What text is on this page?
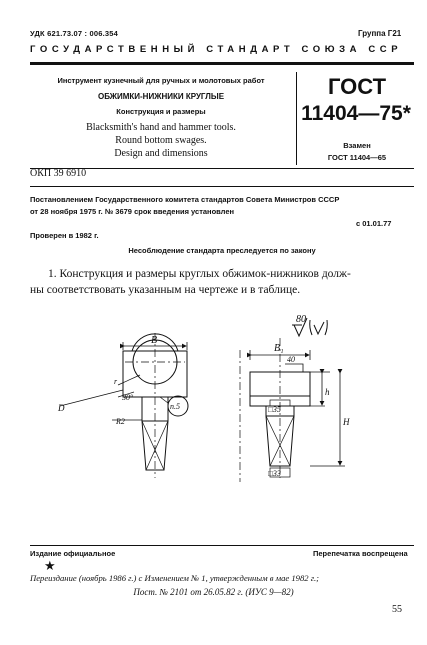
УДК 621.73.07 : 006.354	Группа Г21
ГОСУДАРСТВЕННЫЙ СТАНДАРТ СОЮЗА ССР
Инструмент кузнечный для ручных и молотовых работ
ОБЖИМКИ-НИЖНИКИ КРУГЛЫЕ
Конструкция и размеры
Blacksmith's hand and hammer tools.
Round bottom swages.
Design and dimensions
ГОСТ
11404—75*
Взамен
ГОСТ 11404—65
ОКП 39 6910
Постановлением Государственного комитета стандартов Совета Министров СССР
от 28 ноября 1975 г. № 3679 срок введения установлен
с 01.01.77
Проверен в 1982 г.
Несоблюдение стандарта преследуется по закону
1. Конструкция и размеры круглых обжимок-нижников долж-
ны соответствовать указанным на чертеже и в таблице.
80
B
r
30°
D
R2
п.5
B₁
40
□35
□33
h
H
Издание официальное	Перепечатка воспрещена
★
Переиздание (ноябрь 1986 г.) с Изменением № 1, утвержденным в мае 1982 г.;
Пост. № 2101 от 26.05.82 г. (ИУС 9—82)
55
